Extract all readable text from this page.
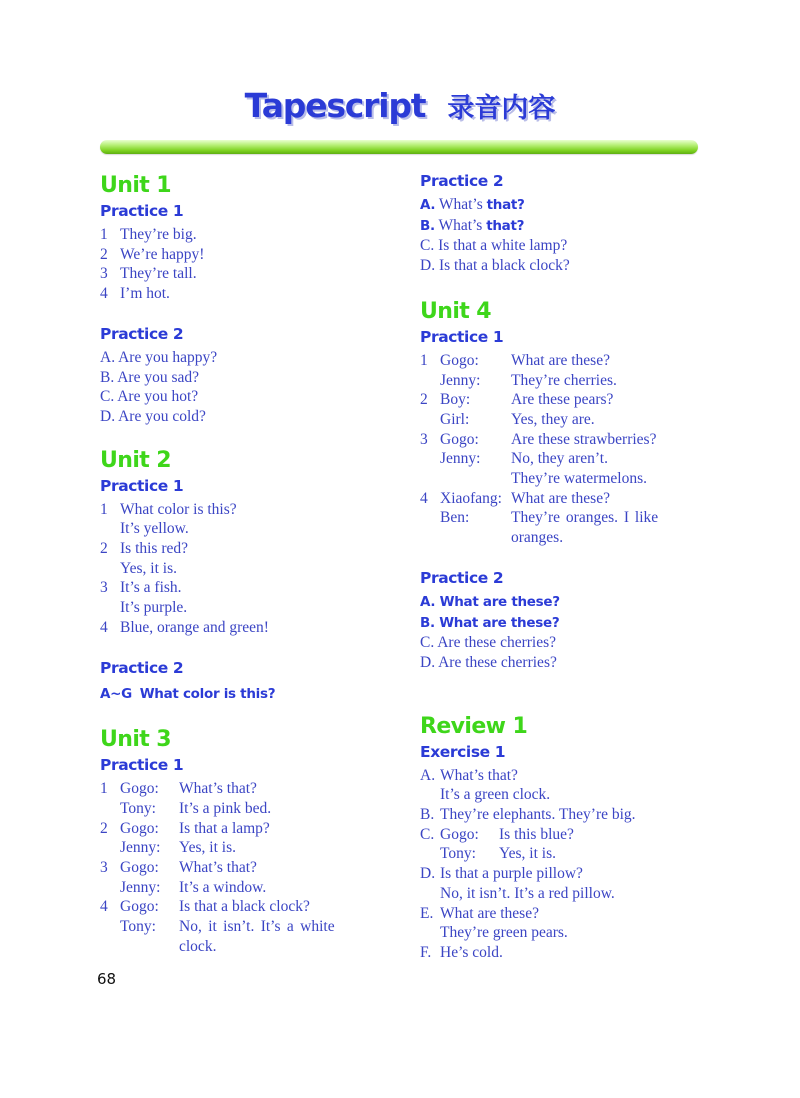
Tapescript 录音内容
Unit 1
Practice 1
1 They’re big.
2 We’re happy!
3 They’re tall.
4 I’m hot.
Practice 2
A. Are you happy?
B. Are you sad?
C. Are you hot?
D. Are you cold?
Unit 2
Practice 1
1 What color is this?
It’s yellow.
2 Is this red?
Yes, it is.
3 It’s a fish.
It’s purple.
4 Blue, orange and green!
Practice 2
A~G What color is this?
Unit 3
Practice 1
1 Gogo: What’s that?
Tony: It’s a pink bed.
2 Gogo: Is that a lamp?
Jenny: Yes, it is.
3 Gogo: What’s that?
Jenny: It’s a window.
4 Gogo: Is that a black clock?
Tony: No, it isn’t. It’s a white
clock.
Practice 2
A. What’s that?
B. What’s that?
C. Is that a white lamp?
D. Is that a black clock?
Unit 4
Practice 1
1 Gogo: What are these?
Jenny: They’re cherries.
2 Boy:	Are these pears?
Girl:	Yes, they are.
3 Gogo: Are these strawberries?
Jenny: No, they aren’t.
They’re watermelons.
4 Xiaofang: What are these?
Ben:	They’re oranges. I like
oranges.
Practice 2
A. What are these?
B. What are these?
C. Are these cherries?
D. Are these cherries?
Review 1
Exercise 1
A. What’s that?
It’s a green clock.
B. They’re elephants. They’re big.
C. Gogo: Is this blue?
Tony: Yes, it is.
D. Is that a purple pillow?
No, it isn’t. It’s a red pillow.
E. What are these?
They’re green pears.
F. He’s cold.
68
